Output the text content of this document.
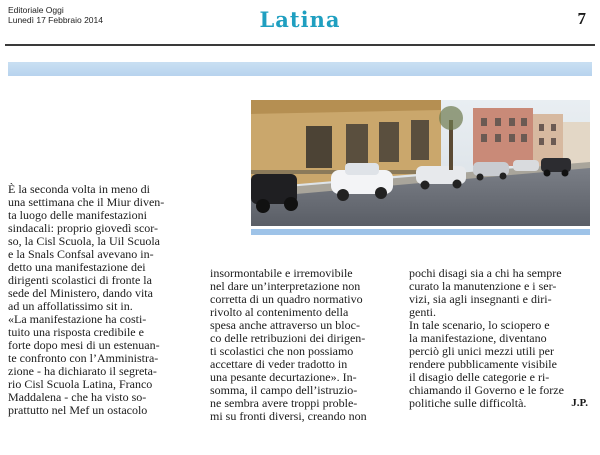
Editoriale Oggi
Lunedì 17 Febbraio 2014	Latina	7
È la seconda volta in meno di
una settimana che il Miur diven-
ta luogo delle manifestazioni
sindacali: proprio giovedì scor-
so, la Cisl Scuola, la Uil Scuola
e la Snals Confsal avevano in-
detto una manifestazione dei
dirigenti scolastici di fronte la
sede del Ministero, dando vita
ad un affollatissimo sit in.
«La manifestazione ha costi-
tuito una risposta credibile e
forte dopo mesi di un estenuan-
te confronto con l’Amministra-
zione - ha dichiarato il segreta-
rio Cisl Scuola Latina, Franco
Maddalena - che ha visto so-
prattutto nel Mef un ostacolo
insormontabile e irremovibile
nel dare un’interpretazione non
corretta di un quadro normativo
rivolto al contenimento della
spesa anche attraverso un bloc-
co delle retribuzioni dei dirigen-
ti scolastici che non possiamo
accettare di veder tradotto in
una pesante decurtazione». In-
somma, il campo dell’istruzio-
ne sembra avere troppi proble-
mi su fronti diversi, creando non
pochi disagi sia a chi ha sempre
curato la manutenzione e i ser-
vizi, sia agli insegnanti e diri-
genti.
In tale scenario, lo sciopero e
la manifestazione, diventano
perciò gli unici mezzi utili per
rendere pubblicamente visibile
il disagio delle categorie e ri-
chiamando il Governo e le forze
politiche sulle difficoltà.	J.P.
